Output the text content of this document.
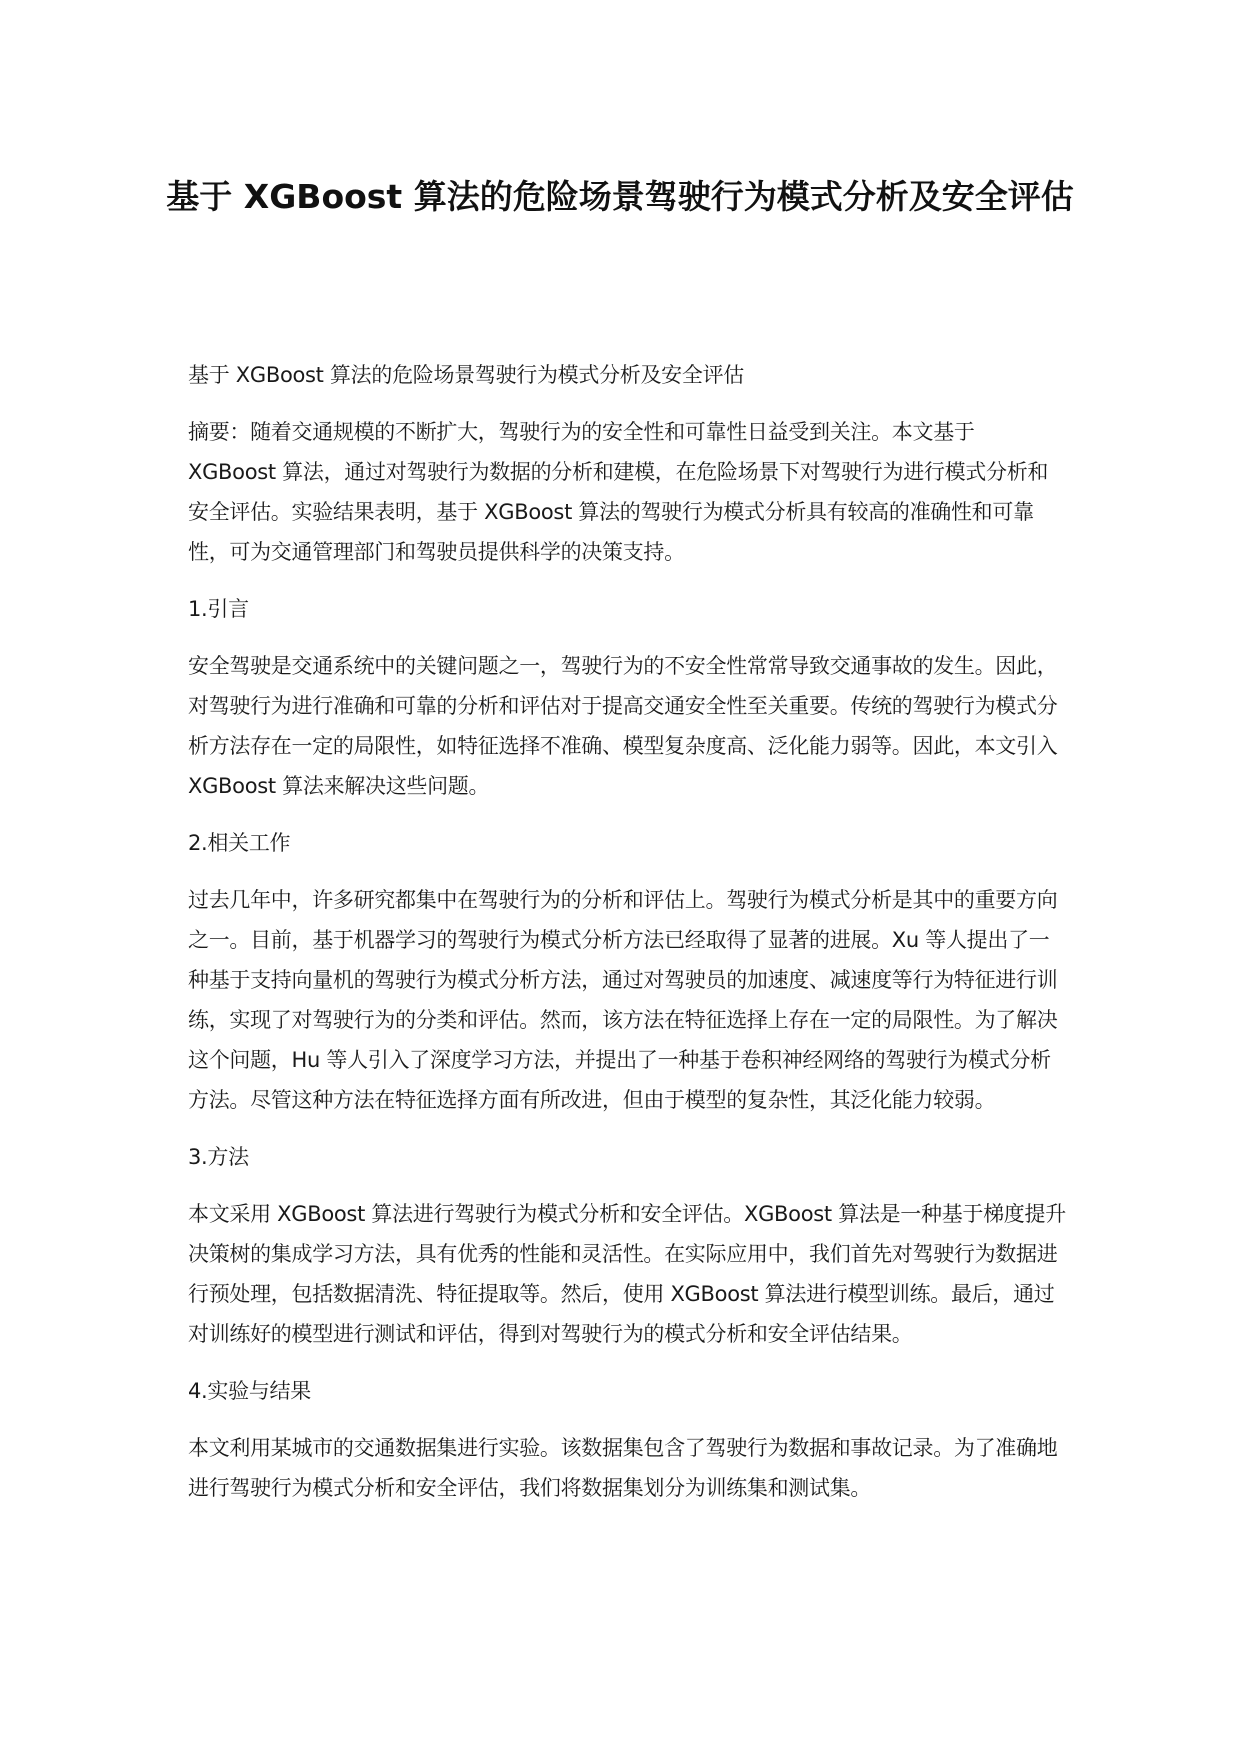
基于 XGBoost 算法的危险场景驾驶行为模式分析及安全评估

基于 XGBoost 算法的危险场景驾驶行为模式分析及安全评估

摘要：随着交通规模的不断扩大，驾驶行为的安全性和可靠性日益受到关注。本文基于 XGBoost 算法，通过对驾驶行为数据的分析和建模，在危险场景下对驾驶行为进行模式分析和安全评估。实验结果表明，基于 XGBoost 算法的驾驶行为模式分析具有较高的准确性和可靠性，可为交通管理部门和驾驶员提供科学的决策支持。

1.引言

安全驾驶是交通系统中的关键问题之一，驾驶行为的不安全性常常导致交通事故的发生。因此，对驾驶行为进行准确和可靠的分析和评估对于提高交通安全性至关重要。传统的驾驶行为模式分析方法存在一定的局限性，如特征选择不准确、模型复杂度高、泛化能力弱等。因此，本文引入 XGBoost 算法来解决这些问题。

2.相关工作

过去几年中，许多研究都集中在驾驶行为的分析和评估上。驾驶行为模式分析是其中的重要方向之一。目前，基于机器学习的驾驶行为模式分析方法已经取得了显著的进展。Xu 等人提出了一种基于支持向量机的驾驶行为模式分析方法，通过对驾驶员的加速度、减速度等行为特征进行训练，实现了对驾驶行为的分类和评估。然而，该方法在特征选择上存在一定的局限性。为了解决这个问题，Hu 等人引入了深度学习方法，并提出了一种基于卷积神经网络的驾驶行为模式分析方法。尽管这种方法在特征选择方面有所改进，但由于模型的复杂性，其泛化能力较弱。

3.方法

本文采用 XGBoost 算法进行驾驶行为模式分析和安全评估。XGBoost 算法是一种基于梯度提升决策树的集成学习方法，具有优秀的性能和灵活性。在实际应用中，我们首先对驾驶行为数据进行预处理，包括数据清洗、特征提取等。然后，使用 XGBoost 算法进行模型训练。最后，通过对训练好的模型进行测试和评估，得到对驾驶行为的模式分析和安全评估结果。

4.实验与结果

本文利用某城市的交通数据集进行实验。该数据集包含了驾驶行为数据和事故记录。为了准确地进行驾驶行为模式分析和安全评估，我们将数据集划分为训练集和测试集。
